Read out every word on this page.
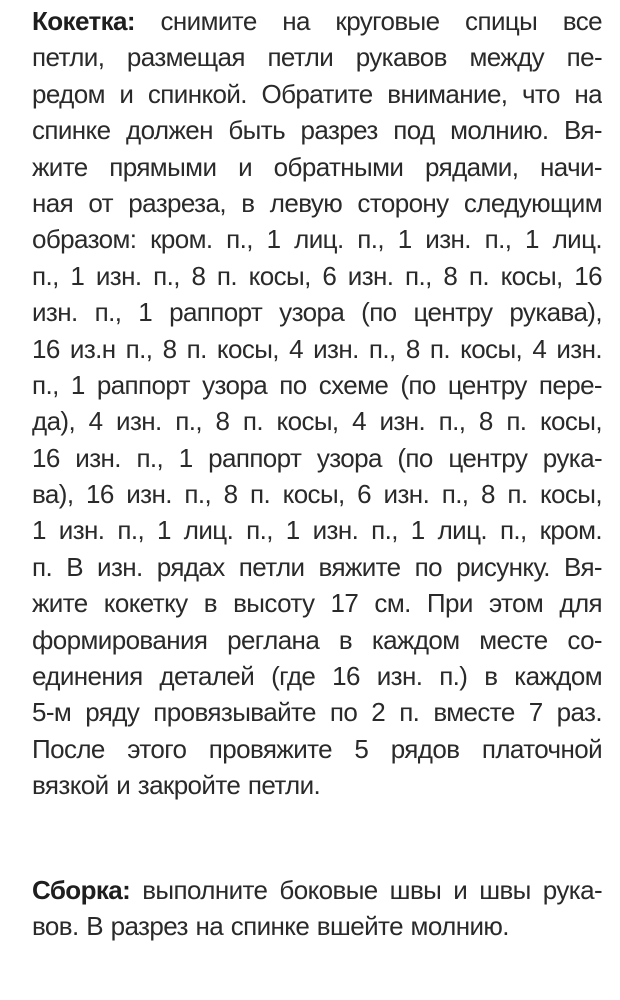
Кокетка: снимите на круговые спицы все
петли, размещая петли рукавов между пе-
редом и спинкой. Обратите внимание, что на
спинке должен быть разрез под молнию. Вя-
жите прямыми и обратными рядами, начи-
ная от разреза, в левую сторону следующим
образом: кром. п., 1 лиц. п., 1 изн. п., 1 лиц.
п., 1 изн. п., 8 п. косы, 6 изн. п., 8 п. косы, 16
изн. п., 1 раппорт узора (по центру рукава),
16 из.н п., 8 п. косы, 4 изн. п., 8 п. косы, 4 изн.
п., 1 раппорт узора по схеме (по центру пере-
да), 4 изн. п., 8 п. косы, 4 изн. п., 8 п. косы,
16 изн. п., 1 раппорт узора (по центру рука-
ва), 16 изн. п., 8 п. косы, 6 изн. п., 8 п. косы,
1 изн. п., 1 лиц. п., 1 изн. п., 1 лиц. п., кром.
п. В изн. рядах петли вяжите по рисунку. Вя-
жите кокетку в высоту 17 см. При этом для
формирования реглана в каждом месте со-
единения деталей (где 16 изн. п.) в каждом
5-м ряду провязывайте по 2 п. вместе 7 раз.
После этого провяжите 5 рядов платочной
вязкой и закройте петли.
Сборка: выполните боковые швы и швы рука-
вов. В разрез на спинке вшейте молнию.
